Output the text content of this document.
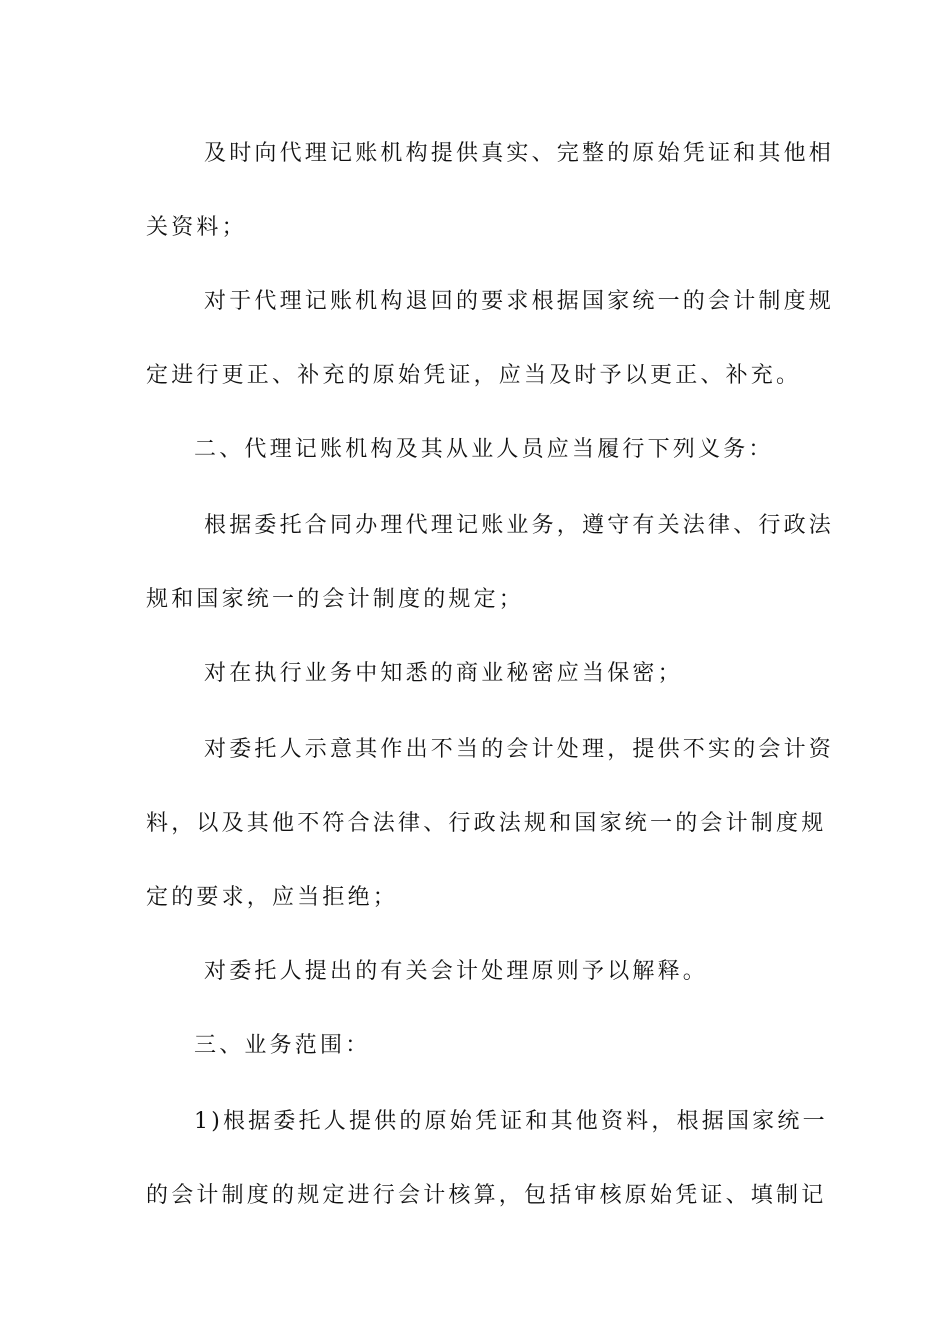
及时向代理记账机构提供真实、完整的原始凭证和其他相
关资料；
对于代理记账机构退回的要求根据国家统一的会计制度规
定进行更正、补充的原始凭证，应当及时予以更正、补充。
二、代理记账机构及其从业人员应当履行下列义务：
根据委托合同办理代理记账业务，遵守有关法律、行政法
规和国家统一的会计制度的规定；
对在执行业务中知悉的商业秘密应当保密；
对委托人示意其作出不当的会计处理，提供不实的会计资
料，以及其他不符合法律、行政法规和国家统一的会计制度规
定的要求，应当拒绝；
对委托人提出的有关会计处理原则予以解释。
三、业务范围：
1)根据委托人提供的原始凭证和其他资料，根据国家统一
的会计制度的规定进行会计核算，包括审核原始凭证、填制记
